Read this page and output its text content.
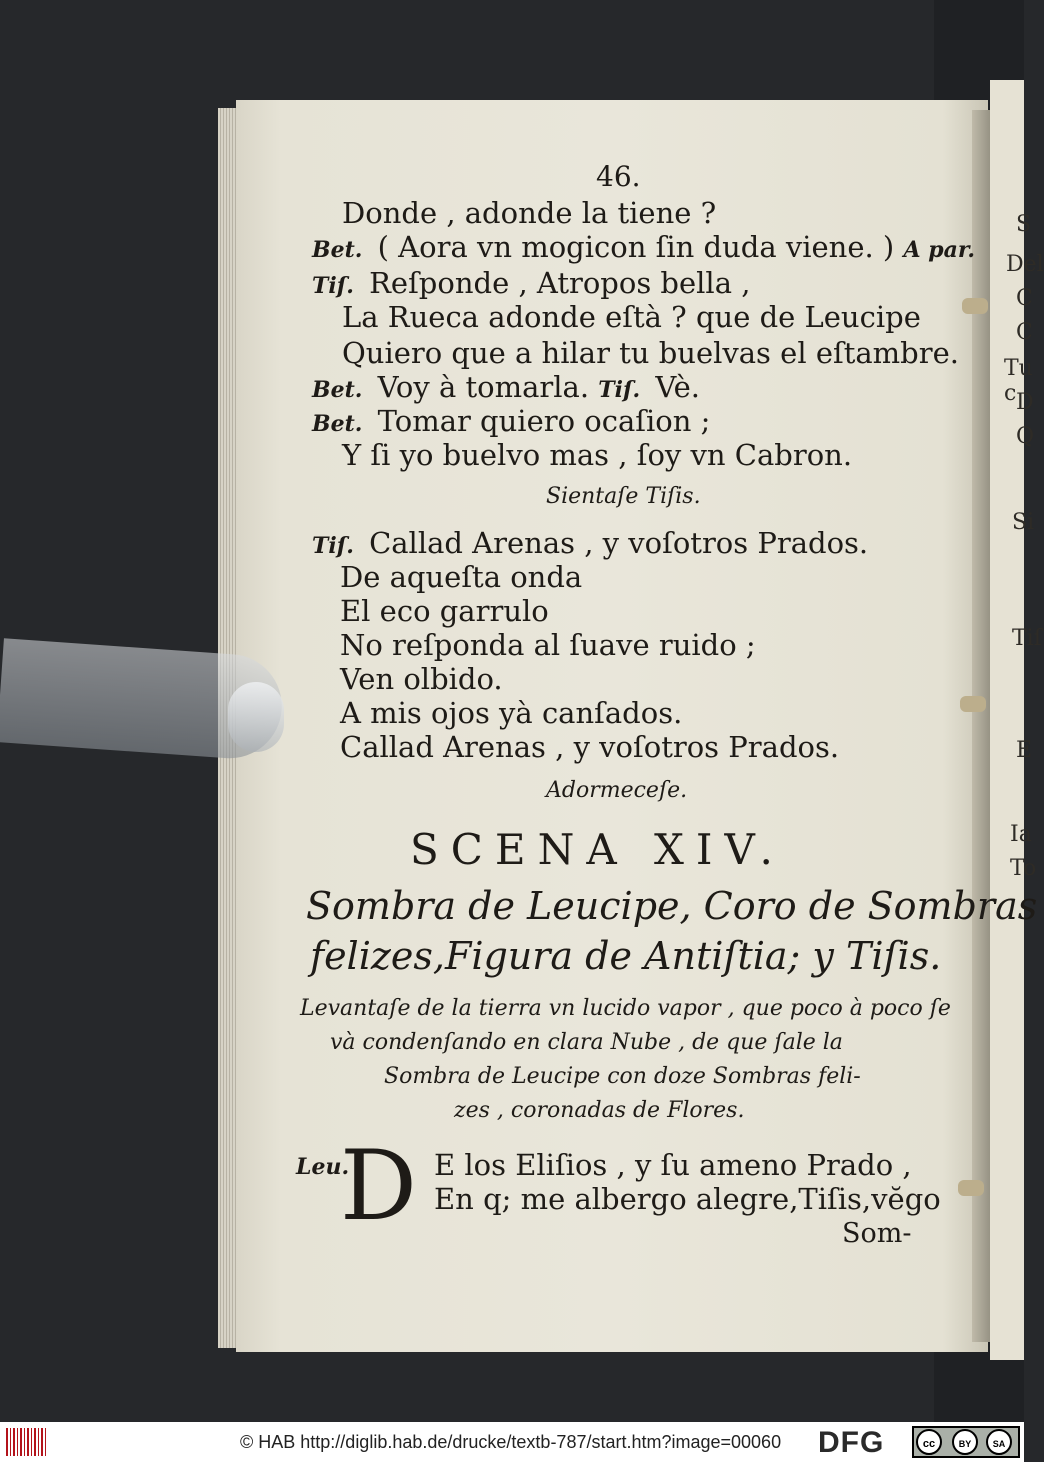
S
Del
C
C
Tu c D
Q
Si
Tiſ
E
Ia
To
46.
Donde , adonde la tiene ?
Bet. ( Aora vn mogicon ſin duda viene. ) A par.
Tiſ. Reſponde , Atropos bella ,
La Rueca adonde eſtà ? que de Leucipe
Quiero que a hilar tu buelvas el eſtambre.
Bet. Voy à tomarla. Tiſ. Vè.
Bet. Tomar quiero ocaſion ;
Y ſi yo buelvo mas , ſoy vn Cabron.
Sientaſe Tiſis.
Tiſ. Callad Arenas , y voſotros Prados.
De aqueſta onda
El eco garrulo
No reſponda al ſuave ruido ;
Ven olbido.
A mis ojos yà canſados.
Callad Arenas , y voſotros Prados.
Adormeceſe.
SCENA XIV.
Sombra de Leucipe, Coro de Sombras
felizes,Figura de Antiſtia; y Tiſis.
Levantaſe de la tierra vn lucido vapor , que poco à poco ſe
và condenſando en clara Nube , de que ſale la
Sombra de Leucipe con doze Sombras feli-
zes , coronadas de Flores.
Leu.
D E los Eliſios , y ſu ameno Prado ,
En q; me albergo alegre,Tiſis,vĕgo
Som-
© HAB http://diglib.hab.de/drucke/textb-787/start.htm?image=00060 DFG	cc	BY	SA
